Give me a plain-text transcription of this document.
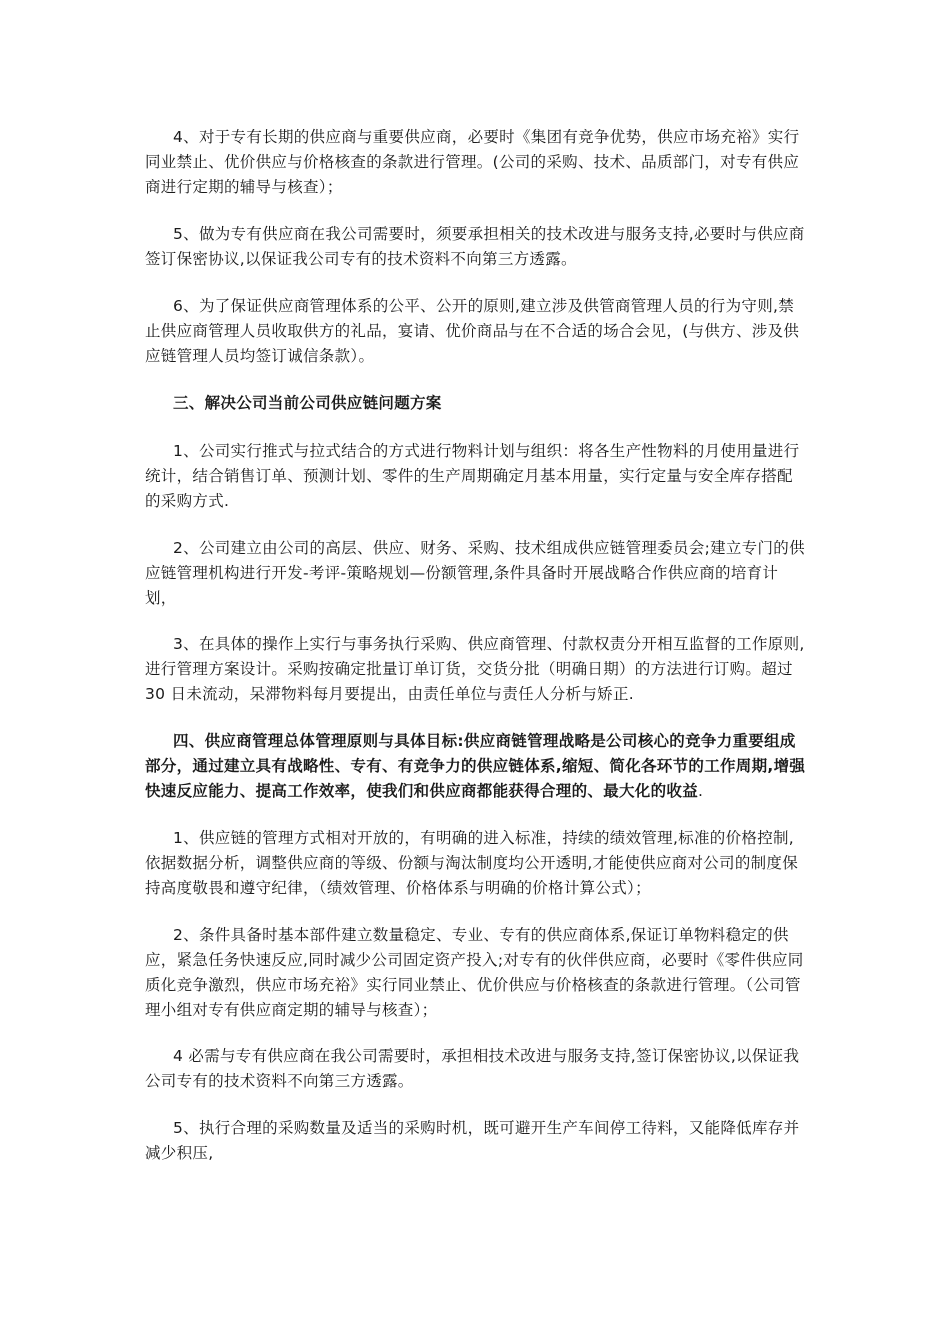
4、对于专有长期的供应商与重要供应商，必要时《集团有竞争优势，供应市场充裕》实行同业禁止、优价供应与价格核查的条款进行管理。(公司的采购、技术、品质部门，对专有供应商进行定期的辅导与核查）；

5、做为专有供应商在我公司需要时，须要承担相关的技术改进与服务支持,必要时与供应商签订保密协议,以保证我公司专有的技术资料不向第三方透露。

6、为了保证供应商管理体系的公平、公开的原则,建立涉及供管商管理人员的行为守则,禁止供应商管理人员收取供方的礼品，宴请、优价商品与在不合适的场合会见，(与供方、涉及供应链管理人员均签订诚信条款）。

三、解决公司当前公司供应链问题方案

1、公司实行推式与拉式结合的方式进行物料计划与组织：将各生产性物料的月使用量进行统计，结合销售订单、预测计划、零件的生产周期确定月基本用量，实行定量与安全库存搭配的采购方式.

2、公司建立由公司的高层、供应、财务、采购、技术组成供应链管理委员会;建立专门的供应链管理机构进行开发-考评-策略规划—份额管理,条件具备时开展战略合作供应商的培育计划，

3、在具体的操作上实行与事务执行采购、供应商管理、付款权责分开相互监督的工作原则,进行管理方案设计。采购按确定批量订单订货，交货分批（明确日期）的方法进行订购。超过 30 日未流动，呆滞物料每月要提出，由责任单位与责任人分析与矫正.

四、供应商管理总体管理原则与具体目标:供应商链管理战略是公司核心的竞争力重要组成部分，通过建立具有战略性、专有、有竞争力的供应链体系,缩短、简化各环节的工作周期,增强快速反应能力、提高工作效率，使我们和供应商都能获得合理的、最大化的收益.

1、供应链的管理方式相对开放的，有明确的进入标准，持续的绩效管理,标准的价格控制,依据数据分析，调整供应商的等级、份额与淘汰制度均公开透明,才能使供应商对公司的制度保持高度敬畏和遵守纪律，（绩效管理、价格体系与明确的价格计算公式）；

2、条件具备时基本部件建立数量稳定、专业、专有的供应商体系,保证订单物料稳定的供应，紧急任务快速反应,同时减少公司固定资产投入;对专有的伙伴供应商，必要时《零件供应同质化竞争激烈，供应市场充裕》实行同业禁止、优价供应与价格核查的条款进行管理。（公司管理小组对专有供应商定期的辅导与核查）；

4 必需与专有供应商在我公司需要时，承担相技术改进与服务支持,签订保密协议,以保证我公司专有的技术资料不向第三方透露。

5、执行合理的采购数量及适当的采购时机，既可避开生产车间停工待料，又能降低库存并减少积压,
